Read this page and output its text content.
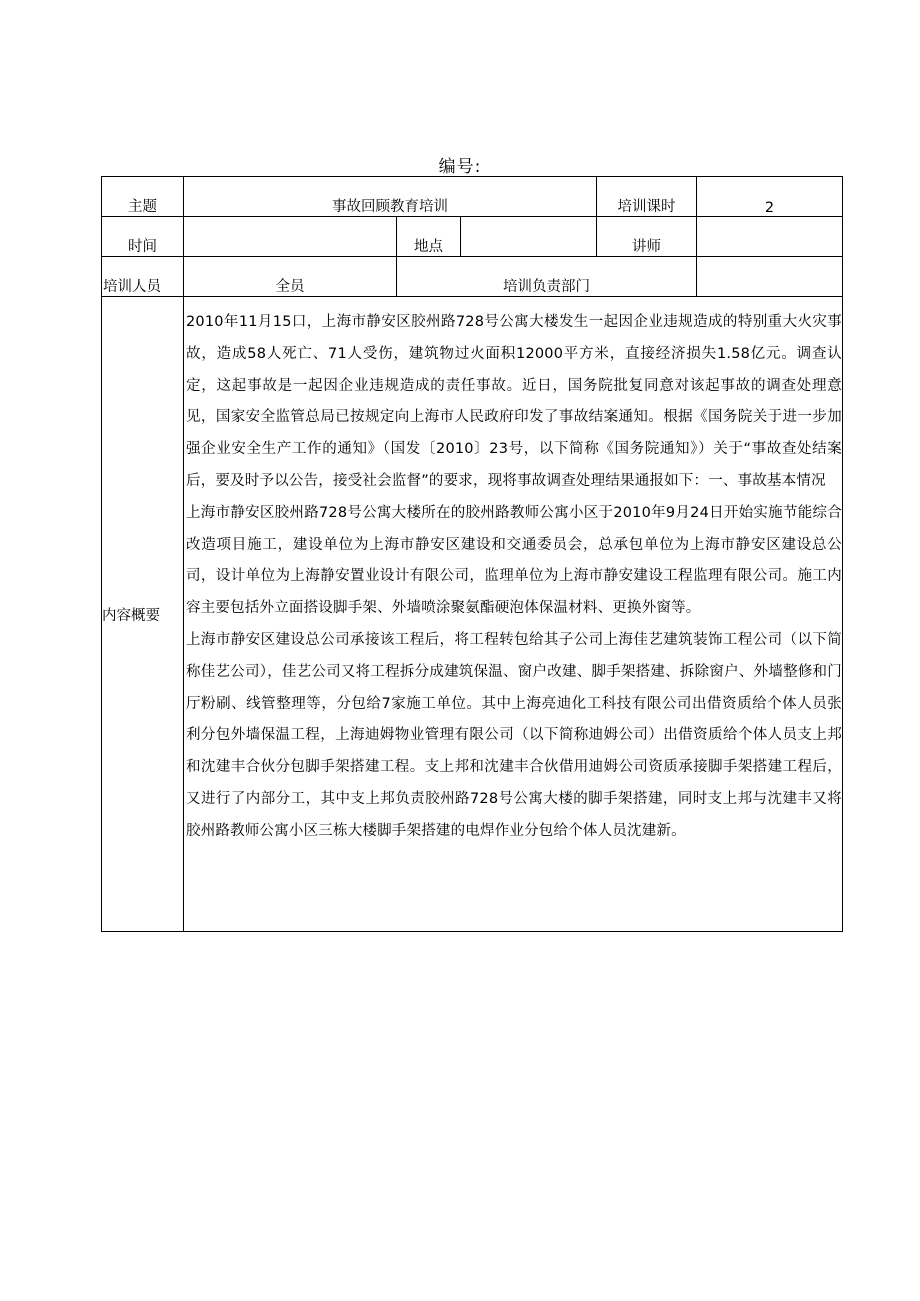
编号:
主题	事故回顾教育培训			培训课时	2
时间		地点		讲师	
培训人员	全员	培训负责部门			
内容概要	2010年11月15口，上海市静安区胶州路728号公寓大楼发生一起因企业违规造成的特别重大火灾事故，造成58人死亡、71人受伤，建筑物过火面积12000平方米，直接经济损失1.58亿元。调查认定，这起事故是一起因企业违规造成的责任事故。近日，国务院批复同意对该起事故的调查处理意见，国家安全监管总局已按规定向上海市人民政府印发了事故结案通知。根据《国务院关于进一步加强企业安全生产工作的通知》（国发〔2010〕23号，以下简称《国务院通知》）关于“事故查处结案后，要及时予以公告，接受社会监督”的要求，现将事故调查处理结果通报如下：一、事故基本情况

上海市静安区胶州路728号公寓大楼所在的胶州路教师公寓小区于2010年9月24日开始实施节能综合改造项目施工，建设单位为上海市静安区建设和交通委员会，总承包单位为上海市静安区建设总公司，设计单位为上海静安置业设计有限公司，监理单位为上海市静安建设工程监理有限公司。施工内容主要包括外立面搭设脚手架、外墙喷涂聚氨酯硬泡体保温材料、更换外窗等。

上海市静安区建设总公司承接该工程后，将工程转包给其子公司上海佳艺建筑装饰工程公司（以下简称佳艺公司），佳艺公司又将工程拆分成建筑保温、窗户改建、脚手架搭建、拆除窗户、外墙整修和门厅粉刷、线管整理等，分包给7家施工单位。其中上海亮迪化工科技有限公司出借资质给个体人员张利分包外墙保温工程，上海迪姆物业管理有限公司（以下简称迪姆公司）出借资质给个体人员支上邦和沈建丰合伙分包脚手架搭建工程。支上邦和沈建丰合伙借用迪姆公司资质承接脚手架搭建工程后，又进行了内部分工，其中支上邦负责胶州路728号公寓大楼的脚手架搭建，同时支上邦与沈建丰又将胶州路教师公寓小区三栋大楼脚手架搭建的电焊作业分包给个体人员沈建新。				
